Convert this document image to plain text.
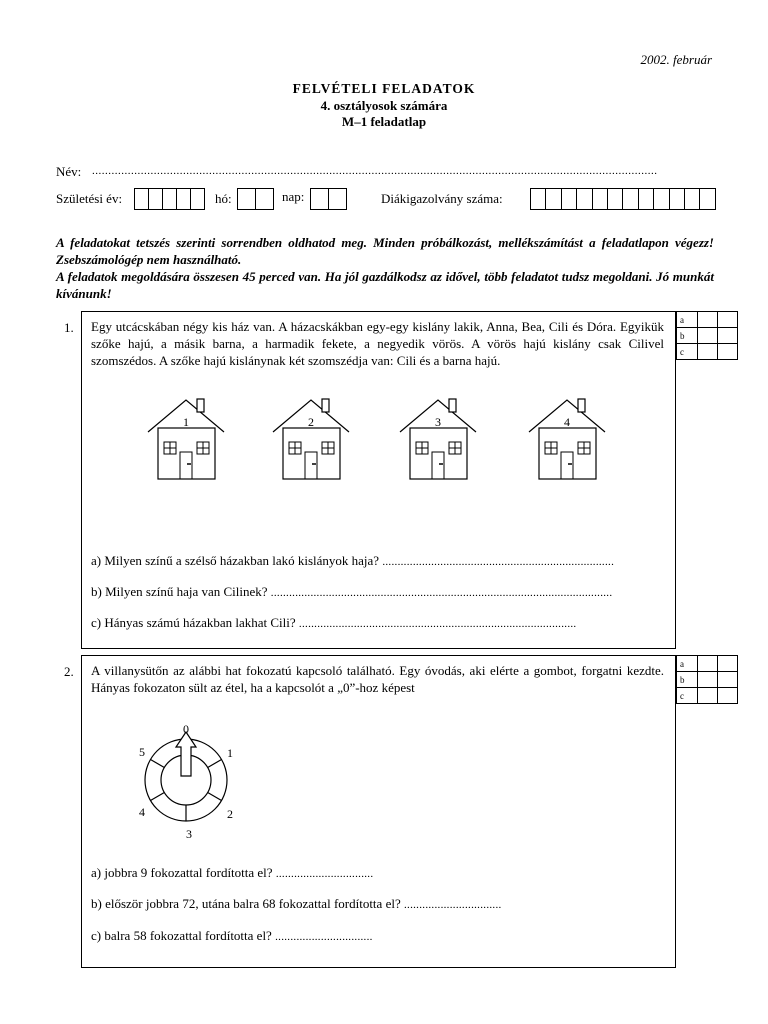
2002. február
FELVÉTELI FELADATOK
4. osztályosok számára
M–1 feladatlap
Név: ..............................................................................................................................................................................
Születési év:	hó:	nap:	Diákigazolvány száma:
A feladatokat tetszés szerinti sorrendben oldhatod meg. Minden próbálkozást, mellékszámítást a feladatlapon végezz! Zsebszámológép nem használható.
A feladatok megoldására összesen 45 perced van. Ha jól gazdálkodsz az idővel, több feladatot tudsz megoldani. Jó munkát kívánunk!
1. Egy utcácskában négy kis ház van. A házacskákban egy-egy kislány lakik, Anna, Bea, Cili és Dóra. Egyikük szőke hajú, a másik barna, a harmadik fekete, a negyedik vörös. A vörös hajú kislány csak Cilivel szomszédos. A szőke hajú kislánynak két szomszédja van: Cili és a barna hajú.
1	2	3	4
a) Milyen színű a szélső házakban lakó kislányok haja? ............................................................................
b) Milyen színű haja van Cilinek? ................................................................................................................
c) Hányas számú házakban lakhat Cili? ...........................................................................................
a		
b		
c		
2. A villanysütőn az alábbi hat fokozatú kapcsoló található. Egy óvodás, aki elérte a gombot, forgatni kezdte. Hányas fokozaton sült az étel, ha a kapcsolót a „0”-hoz képest
0
1
2
3
4
5
a) jobbra 9 fokozattal fordította el? ................................
b) először jobbra 72, utána balra 68 fokozattal fordította el? ................................
c) balra 58 fokozattal fordította el? ................................
a		
b		
c		
